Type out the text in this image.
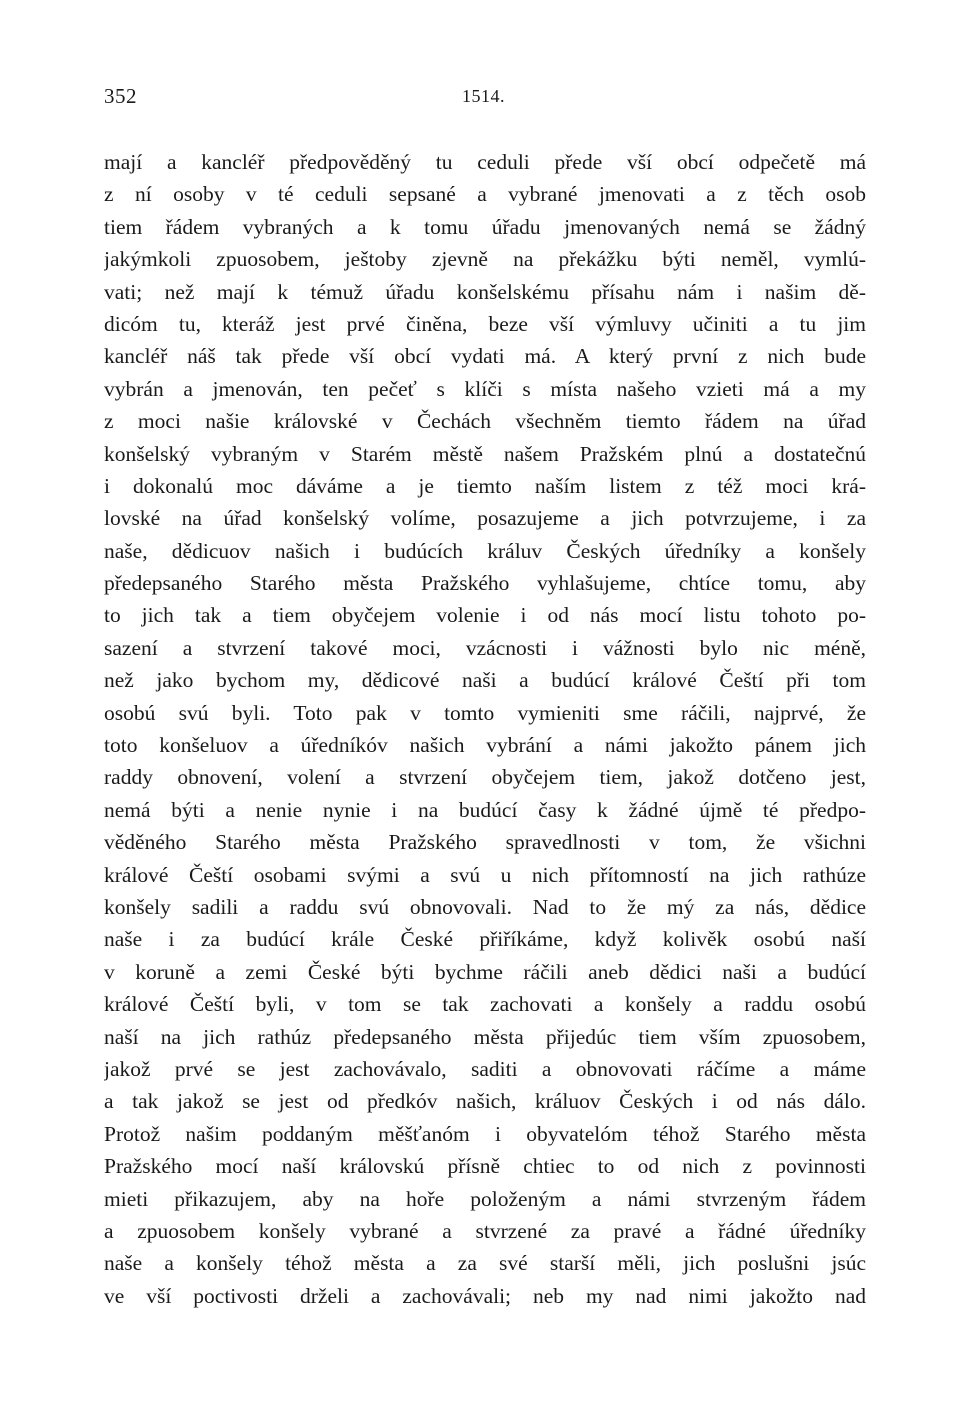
352	1514.
mají a kancléř předpověděný tu ceduli přede vší obcí odpečetě má
z ní osoby v té ceduli sepsané a vybrané jmenovati a z těch osob
tiem řádem vybraných a k tomu úřadu jmenovaných nemá se žádný
jakýmkoli zpuosobem, ještoby zjevně na překážku býti neměl, vymlú-
vati; než mají k témuž úřadu konšelskému přísahu nám i našim dě-
dicóm tu, kteráž jest prvé činěna, beze vší výmluvy učiniti a tu jim
kancléř náš tak přede vší obcí vydati má. A který první z nich bude
vybrán a jmenován, ten pečeť s klíči s místa našeho vzieti má a my
z moci našie královské v Čechách všechněm tiemto řádem na úřad
konšelský vybraným v Starém městě našem Pražském plnú a dostatečnú
i dokonalú moc dáváme a je tiemto naším listem z též moci krá-
lovské na úřad konšelský volíme, posazujeme a jich potvrzujeme, i za
naše, dědicuov našich i budúcích králuv Českých úředníky a konšely
předepsaného Starého města Pražského vyhlašujeme, chtíce tomu, aby
to jich tak a tiem obyčejem volenie i od nás mocí listu tohoto po-
sazení a stvrzení takové moci, vzácnosti i vážnosti bylo nic méně,
než jako bychom my, dědicové naši a budúcí králové Čeští při tom
osobú svú byli. Toto pak v tomto vymieniti sme ráčili, najprvé, že
toto konšeluov a úředníkóv našich vybrání a námi jakožto pánem jich
raddy obnovení, volení a stvrzení obyčejem tiem, jakož dotčeno jest,
nemá býti a nenie nynie i na budúcí časy k žádné újmě té předpo-
věděného Starého města Pražského spravedlnosti v tom, že všichni
králové Čeští osobami svými a svú u nich přítomností na jich rathúze
konšely sadili a raddu svú obnovovali. Nad to že mý za nás, dědice
naše i za budúcí krále České přiříkáme, když kolivěk osobú naší
v koruně a zemi České býti bychme ráčili aneb dědici naši a budúcí
králové Čeští byli, v tom se tak zachovati a konšely a raddu osobú
naší na jich rathúz předepsaného města přijedúc tiem vším zpuosobem,
jakož prvé se jest zachovávalo, saditi a obnovovati ráčíme a máme
a tak jakož se jest od předkóv našich, králuov Českých i od nás dálo.
Protož našim poddaným měšťanóm i obyvatelóm téhož Starého města
Pražského mocí naší královskú přísně chtiec to od nich z povinnosti
mieti přikazujem, aby na hoře položeným a námi stvrzeným řádem
a zpuosobem konšely vybrané a stvrzené za pravé a řádné úředníky
naše a konšely téhož města a za své starší měli, jich poslušni jsúc
ve vší poctivosti drželi a zachovávali; neb my nad nimi jakožto nad
